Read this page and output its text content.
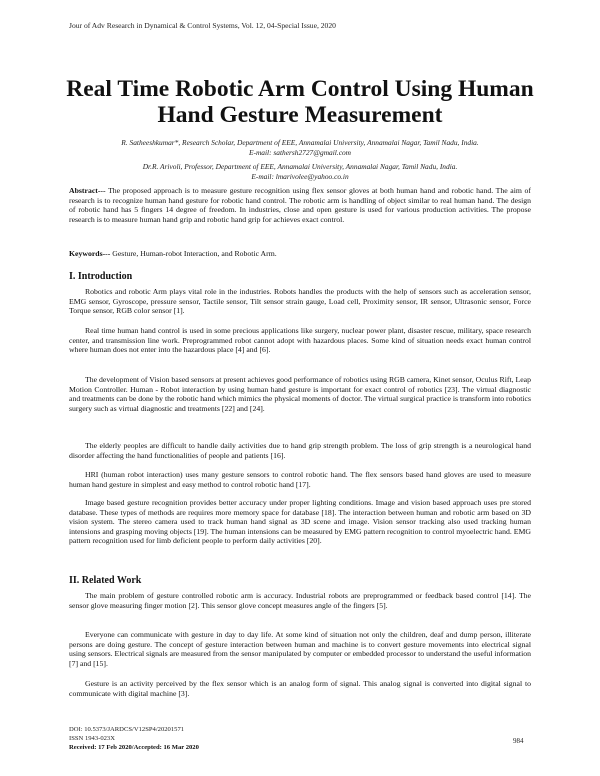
Jour of Adv Research in Dynamical & Control Systems, Vol. 12, 04-Special Issue, 2020
Real Time Robotic Arm Control Using Human Hand Gesture Measurement
R. Satheeshkumar*, Research Scholar, Department of EEE, Annamalai University, Annamalai Nagar, Tamil Nadu, India.
E-mail: sathersh2727@gmail.com
Dr.R. Arivoli, Professor, Department of EEE, Annamalai University, Annamalai Nagar, Tamil Nadu, India.
E-mail: lmarivolee@yahoo.co.in

Abstract--- The proposed approach is to measure gesture recognition using flex sensor gloves at both human hand and robotic hand. The aim of research is to recognize human hand gesture for robotic hand control. The robotic arm is handling of object similar to real human hand. The design of robotic hand has 5 fingers 14 degree of freedom. In industries, close and open gesture is used for various production activities. The propose research is to measure human hand grip and robotic hand grip for achieves exact control.

Keywords--- Gesture, Human-robot Interaction, and Robotic Arm.

I. Introduction

Robotics and robotic Arm plays vital role in the industries. Robots handles the products with the help of sensors such as acceleration sensor, EMG sensor, Gyroscope, pressure sensor, Tactile sensor, Tilt sensor strain gauge, Load cell, Proximity sensor, IR sensor, Ultrasonic sensor, Force Torque sensor, RGB color sensor [1].

Real time human hand control is used in some precious applications like surgery, nuclear power plant, disaster rescue, military, space research center, and transmission line work. Preprogrammed robot cannot adopt with hazardous places. Some kind of situation needs exact human control where human does not enter into the hazardous place [4] and [6].

The development of Vision based sensors at present achieves good performance of robotics using RGB camera, Kinet sensor, Oculus Rift, Leap Motion Controller. Human - Robot interaction by using human hand gesture is important for exact control of robotics [23]. The virtual diagnostic and treatments can be done by the robotic hand which mimics the physical moments of doctor. The virtual surgical practice is transform into robotics surgery such as virtual diagnostic and treatments [22] and [24].

The elderly peoples are difficult to handle daily activities due to hand grip strength problem. The loss of grip strength is a neurological hand disorder affecting the hand functionalities of people and patients [16].

HRI (human robot interaction) uses many gesture sensors to control robotic hand. The flex sensors based hand gloves are used to measure human hand gesture in simplest and easy method to control robotic hand [17].

Image based gesture recognition provides better accuracy under proper lighting conditions. Image and vision based approach uses pre stored database. These types of methods are requires more memory space for database [18]. The interaction between human and robotic arm based on 3D vision system. The stereo camera used to track human hand signal as 3D scene and image. Vision sensor tracking also used tracking human intensions and grasping moving objects [19]. The human intensions can be measured by EMG pattern recognition to control myoelectric hand. EMG pattern recognition used for limb deficient people to perform daily activities [20].

II. Related Work

The main problem of gesture controlled robotic arm is accuracy. Industrial robots are preprogrammed or feedback based control [14]. The sensor glove measuring finger motion [2]. This sensor glove concept measures angle of the fingers [5].

Everyone can communicate with gesture in day to day life. At some kind of situation not only the children, deaf and dump person, illiterate persons are doing gesture. The concept of gesture interaction between human and machine is to convert gesture movements into electrical signal using sensors. Electrical signals are measured from the sensor manipulated by computer or embedded processor to understand the useful information [7] and [15].

Gesture is an activity perceived by the flex sensor which is an analog form of signal. This analog signal is converted into digital signal to communicate with digital machine [3].

DOI: 10.5373/JARDCS/V12SP4/20201571
ISSN 1943-023X
Received: 17 Feb 2020/Accepted: 16 Mar 2020
984
